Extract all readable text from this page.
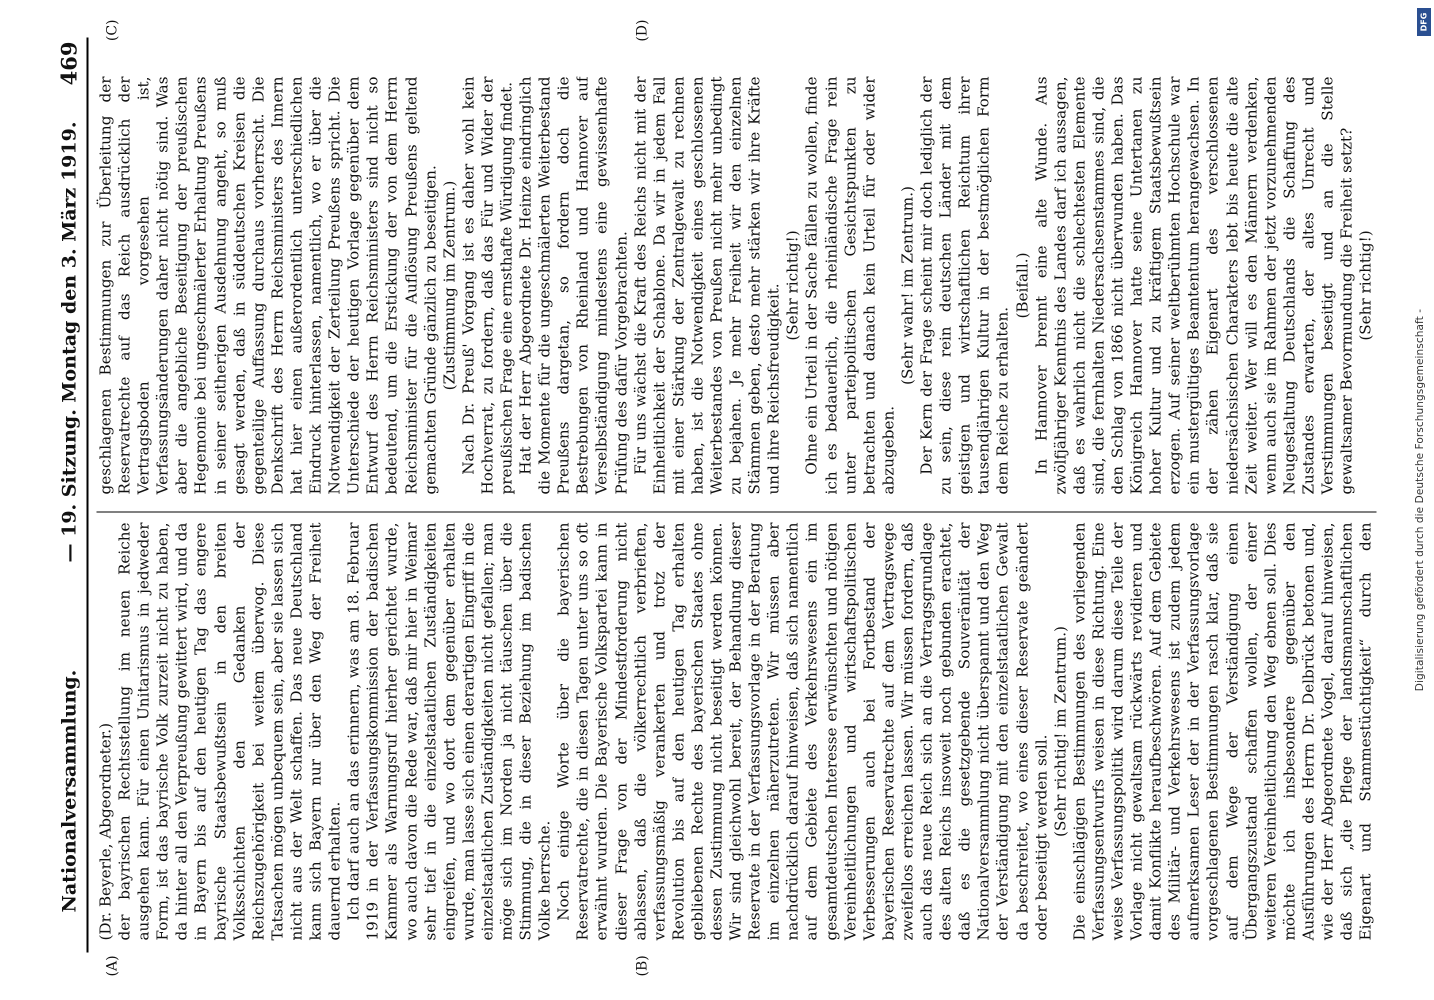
Nationalversammlung.
— 19. Sitzung. Montag den 3. März 1919.
469
(A)	(B)
(C)	(D)

(Dr. Beyerle, Abgeordneter.) der bayrischen Rechtsstellung im neuen Reiche ausgehen kann. Für einen Unitarismus in jedweder Form, ist das bayrische Volk zurzeit nicht zu haben, da hinter all den Verpreußung gewittert wird, und da in Bayern bis auf den heutigen Tag das engere bayrische Staatsbewußtsein in den breiten Volksschichten den Gedanken der Reichszugehörigkeit bei weitem überwog. Diese Tatsachen mögen unbequem sein, aber sie lassen sich nicht aus der Welt schaffen. Das neue Deutschland kann sich Bayern nur über den Weg der Freiheit dauernd erhalten. Ich darf auch an das erinnern, was am 18. Februar 1919 in der Verfassungskommission der badischen Kammer als Warnungsruf hierher gerichtet wurde, wo auch davon die Rede war, daß mir hier in Weimar sehr tief in die einzelstaatlichen Zuständigkeiten eingreifen, und wo dort dem gegenüber erhalten wurde, man lasse sich einen derartigen Eingriff in die einzelstaatlichen Zuständigkeiten nicht gefallen; man möge sich im Norden ja nicht täuschen über die Stimmung, die in dieser Beziehung im badischen Volke herrsche. Noch einige Worte über die bayerischen Reservatrechte, die in diesen Tagen unter uns so oft erwähnt wurden. Die Bayerische Volkspartei kann in dieser Frage von der Mindestforderung nicht ablassen, daß die völkerrechtlich verbrieften, verfassungsmäßig verankerten und trotz der Revolution bis auf den heutigen Tag erhalten gebliebenen Rechte des bayerischen Staates ohne dessen Zustimmung nicht beseitigt werden können. Wir sind gleichwohl bereit, der Behandlung dieser Reservate in der Verfassungsvorlage in der Beratung im einzelnen näherzutreten. Wir müssen aber nachdrücklich darauf hinweisen, daß sich namentlich auf dem Gebiete des Verkehrswesens ein im gesamtdeutschen Interesse erwünschten und nötigen Vereinheitlichungen und wirtschaftspolitischen Verbesserungen auch bei Fortbestand der bayerischen Reservatrechte auf dem Vertragswege zweifellos erreichen lassen. Wir müssen fordern, daß auch das neue Reich sich an die Vertragsgrundlage des alten Reichs insoweit noch gebunden erachtet, daß es die gesetzgebende Souveränität der Nationalversammlung nicht überspannt und den Weg der Verständigung mit den einzelstaatlichen Gewalt da beschreitet, wo eines dieser Reservate geändert oder beseitigt werden soll.

(Sehr richtig! im Zentrum.)

Die einschlägigen Bestimmungen des vorliegenden Verfassungsentwurfs weisen in diese Richtung. Eine weise Verfassungspolitik wird darum diese Teile der Vorlage nicht gewaltsam rückwärts revidieren und damit Konflikte heraufbeschwören. Auf dem Gebiete des Militär- und Verkehrswesens ist zudem jedem aufmerksamen Leser der in der Verfassungsvorlage vorgeschlagenen Bestimmungen rasch klar, daß sie auf dem Wege der Verständigung einen Übergangszustand schaffen wollen, der einer weiteren Vereinheitlichung den Weg ebnen soll. Dies möchte ich insbesondere gegenüber den Ausführungen des Herrn Dr. Delbrück betonen und, wie der Herr Abgeordnete Vogel, darauf hinweisen, daß sich „die Pflege der landsmannschaftlichen Eigenart und Stammestüchtigkeit“ durch den

geschlagenen Bestimmungen zur Überleitung der Reservatrechte auf das Reich ausdrücklich der Vertragsboden vorgesehen ist, Verfassungsänderungen daher nicht nötig sind. Was aber die angebliche Beseitigung der preußischen Hegemonie bei ungeschmälerter Erhaltung Preußens in seiner seitherigen Ausdehnung angeht, so muß gesagt werden, daß in süddeutschen Kreisen die gegenteilige Auffassung durchaus vorherrscht. Die Denkschrift des Herrn Reichsministers des Innern hat hier einen außerordentlich unterschiedlichen Eindruck hinterlassen, namentlich, wo er über die Notwendigkeit der Zerteilung Preußens spricht. Die Unterschiede der heutigen Vorlage gegenüber dem Entwurf des Herrn Reichsministers sind nicht so bedeutend, um die Erstickung der von dem Herrn Reichsminister für die Auflösung Preußens geltend gemachten Gründe gänzlich zu beseitigen. (Zustimmung im Zentrum.) Nach Dr. Preuß' Vorgang ist es daher wohl kein Hochverrat, zu fordern, daß das Für und Wider der preußischen Frage eine ernsthafte Würdigung findet. Hat der Herr Abgeordnete Dr. Heinze eindringlich die Momente für die ungeschmälerten Weiterbestand Preußens dargetan, so fordern doch die Bestrebungen von Rheinland und Hannover auf Verselbständigung mindestens eine gewissenhafte Prüfung des dafür Vorgebrachten. Für uns wächst die Kraft des Reichs nicht mit der Einheitlichkeit der Schablone. Da wir in jedem Fall mit einer Stärkung der Zentralgewalt zu rechnen haben, ist die Notwendigkeit eines geschlossenen Weiterbestandes von Preußen nicht mehr unbedingt zu bejahen. Je mehr Freiheit wir den einzelnen Stämmen geben, desto mehr stärken wir ihre Kräfte und ihre Reichsfreudigkeit. (Sehr richtig!) Ohne ein Urteil in der Sache fällen zu wollen, finde ich es bedauerlich, die rheinländische Frage rein unter parteipolitischen Gesichtspunkten zu betrachten und danach kein Urteil für oder wider abzugeben.

(Sehr wahr! im Zentrum.) Der Kern der Frage scheint mir doch lediglich der zu sein, diese rein deutschen Länder mit dem geistigen und wirtschaftlichen Reichtum ihrer tausendjährigen Kultur in der bestmöglichen Form dem Reiche zu erhalten.

(Beifall.) In Hannover brennt eine alte Wunde. Aus zwölfjähriger Kenntnis des Landes darf ich aussagen, daß es wahrlich nicht die schlechtesten Elemente sind, die fernhalten Niedersachsenstammes sind, die den Schlag von 1866 nicht überwunden haben. Das Königreich Hannover hatte seine Untertanen zu hoher Kultur und zu kräftigem Staatsbewußtsein erzogen. Auf seiner weltberühmten Hochschule war ein mustergültiges Beamtentum herangewachsen. In der zähen Eigenart des verschlossenen niedersächsischen Charakters lebt bis heute die alte Zeit weiter. Wer will es den Männern verdenken, wenn auch sie im Rahmen der jetzt vorzunehmenden Neugestaltung Deutschlands die Schaffung des Zustandes erwarten, der altes Unrecht und Verstimmungen beseitigt und an die Stelle gewaltsamer Bevormundung die Freiheit setzt? (Sehr richtig!)

Digitalisierung gefördert durch die Deutsche Forschungsgemeinschaft -
DFG
